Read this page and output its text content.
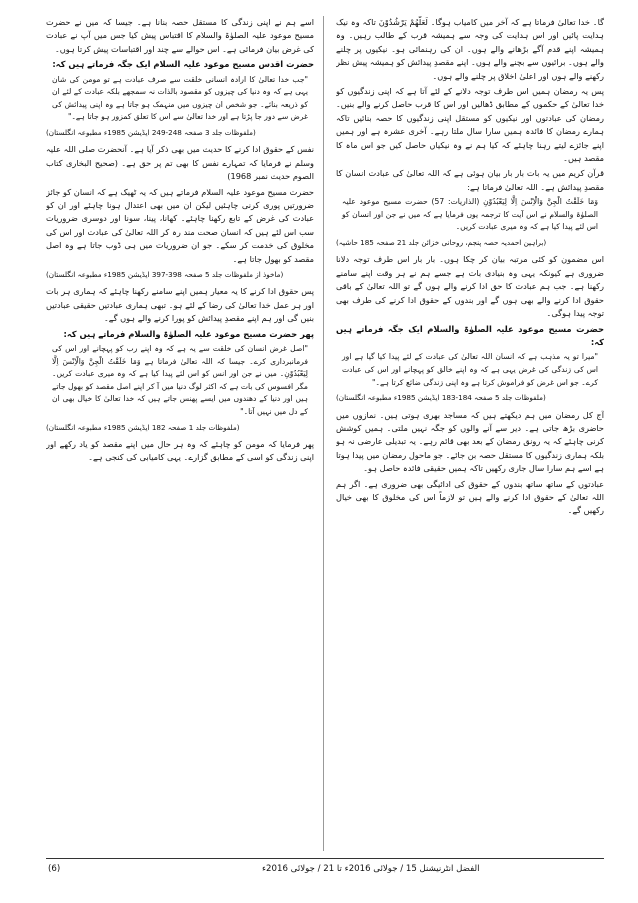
گا۔ خدا تعالیٰ فرماتا ہے کہ آخر میں کامیاب ہوگا۔ لَعَلَّھُمْ یَرْشُدُوْنَ تاکہ وہ نیک ہدایت پائیں اور اس ہدایت کی وجہ سے ہمیشہ قرب کے طالب رہیں۔ وہ ہمیشہ اپنے قدم آگے بڑھانے والے ہوں۔ ان کی رہنمائی ہو۔ نیکیوں پر چلنے والے ہوں۔ برائیوں سے بچنے والے ہوں۔ اپنے مقصدِ پیدائش کو ہمیشہ پیش نظر رکھنے والے ہوں اور اعلیٰ اخلاق پر چلنے والے ہوں۔

پس یہ رمضان ہمیں اس طرف توجہ دلانے کے لئے آتا ہے کہ اپنی زندگیوں کو خدا تعالیٰ کے حکموں کے مطابق ڈھالیں اور اس کا قرب حاصل کرنے والے بنیں۔ رمضان کی عبادتوں اور نیکیوں کو مستقل اپنی زندگیوں کا حصہ بنائیں تاکہ ہمارے رمضان کا فائدہ ہمیں سارا سال ملتا رہے۔ آخری عشرہ ہے اور ہمیں اپنے جائزے لیتے رہنا چاہئے کہ کیا ہم نے وہ نیکیاں حاصل کیں جو اس ماہ کا مقصد ہیں۔

قرآن کریم میں یہ بات بار بار بیان ہوئی ہے کہ اللہ تعالیٰ کی عبادت انسان کا مقصدِ پیدائش ہے۔ اللہ تعالیٰ فرماتا ہے:

وَمَا خَلَقْتُ الْجِنَّ وَالْاِنْسَ اِلَّا لِیَعْبُدُوْنِ (الذاریات: 57) حضرت مسیح موعود علیہ الصلوٰۃ والسلام نے اس آیت کا ترجمہ یوں فرمایا ہے کہ میں نے جن اور انسان کو اس لئے پیدا کیا ہے کہ وہ میری عبادت کریں۔

(براہین احمدیہ حصہ پنجم، روحانی خزائن جلد 21 صفحہ 185 حاشیہ)

اس مضمون کو کئی مرتبہ بیان کر چکا ہوں۔ بار بار اس طرف توجہ دلانا ضروری ہے کیونکہ یہی وہ بنیادی بات ہے جسے ہم نے ہر وقت اپنے سامنے رکھنا ہے۔ جب ہم عبادت کا حق ادا کرنے والے ہوں گے تو اللہ تعالیٰ کے باقی حقوق ادا کرنے والے بھی ہوں گے اور بندوں کے حقوق ادا کرنے کی طرف بھی توجہ پیدا ہوگی۔

حضرت مسیح موعود علیہ الصلوٰۃ والسلام ایک جگہ فرماتے ہیں کہ:

"میرا تو یہ مذہب ہے کہ انسان اللہ تعالیٰ کی عبادت کے لئے پیدا کیا گیا ہے اور اس کی زندگی کی غرض یہی ہے کہ وہ اپنے خالق کو پہچانے اور اس کی عبادت کرے۔ جو اس غرض کو فراموش کرتا ہے وہ اپنی زندگی ضائع کرتا ہے۔"

(ملفوظات جلد 5 صفحہ 184-183 ایڈیشن 1985ء مطبوعہ انگلستان)

آج کل رمضان میں ہم دیکھتے ہیں کہ مساجد بھری ہوتی ہیں۔ نمازوں میں حاضری بڑھ جاتی ہے۔ دیر سے آنے والوں کو جگہ نہیں ملتی۔ ہمیں کوشش کرنی چاہئے کہ یہ رونق رمضان کے بعد بھی قائم رہے۔ یہ تبدیلی عارضی نہ ہو بلکہ ہماری زندگیوں کا مستقل حصہ بن جائے۔ جو ماحول رمضان میں پیدا ہوتا ہے اسے ہم سارا سال جاری رکھیں تاکہ ہمیں حقیقی فائدہ حاصل ہو۔

عبادتوں کے ساتھ ساتھ بندوں کے حقوق کی ادائیگی بھی ضروری ہے۔ اگر ہم اللہ تعالیٰ کے حقوق ادا کرنے والے ہیں تو لازماً اس کی مخلوق کا بھی خیال رکھیں گے۔

اسے ہم نے اپنی زندگی کا مستقل حصہ بنانا ہے۔ جیسا کہ میں نے حضرت مسیح موعود علیہ الصلوٰۃ والسلام کا اقتباس پیش کیا جس میں آپ نے عبادت کی غرض بیان فرمائی ہے۔ اس حوالے سے چند اور اقتباسات پیش کرتا ہوں۔

حضرت اقدس مسیح موعود علیہ السلام ایک جگہ فرماتے ہیں کہ:

"جب خدا تعالیٰ کا ارادہ انسانی خلقت سے صرف عبادت ہے تو مومن کی شان یہی ہے کہ وہ دنیا کی چیزوں کو مقصود بالذات نہ سمجھے بلکہ عبادت کے لئے ان کو ذریعہ بنائے۔ جو شخص ان چیزوں میں منہمک ہو جاتا ہے وہ اپنی پیدائش کی غرض سے دور جا پڑتا ہے اور خدا تعالیٰ سے اس کا تعلق کمزور ہو جاتا ہے۔"

(ملفوظات جلد 3 صفحہ 248-249 ایڈیشن 1985ء مطبوعہ انگلستان)

نفس کے حقوق ادا کرنے کا حدیث میں بھی ذکر آیا ہے۔ آنحضرت صلی اللہ علیہ وسلم نے فرمایا کہ تمہارے نفس کا بھی تم پر حق ہے۔ (صحیح البخاری کتاب الصوم حدیث نمبر 1968)

حضرت مسیح موعود علیہ السلام فرماتے ہیں کہ یہ ٹھیک ہے کہ انسان کو جائز ضرورتیں پوری کرنی چاہئیں لیکن ان میں بھی اعتدال ہونا چاہئے اور ان کو عبادت کی غرض کے تابع رکھنا چاہئے۔ کھانا، پینا، سونا اور دوسری ضروریات سب اس لئے ہیں کہ انسان صحت مند رہ کر اللہ تعالیٰ کی عبادت اور اس کی مخلوق کی خدمت کر سکے۔ جو ان ضروریات میں ہی ڈوب جاتا ہے وہ اصل مقصد کو بھول جاتا ہے۔

(ماخوذ از ملفوظات جلد 5 صفحہ 398-397 ایڈیشن 1985ء مطبوعہ انگلستان)

پس حقوق ادا کرنے کا یہ معیار ہمیں اپنے سامنے رکھنا چاہئے کہ ہماری ہر بات اور ہر عمل خدا تعالیٰ کی رضا کے لئے ہو۔ تبھی ہماری عبادتیں حقیقی عبادتیں بنیں گی اور ہم اپنے مقصدِ پیدائش کو پورا کرنے والے ہوں گے۔

پھر حضرت مسیح موعود علیہ الصلوٰۃ والسلام فرماتے ہیں کہ:

"اصل غرض انسان کی خلقت سے یہ ہے کہ وہ اپنے رب کو پہچانے اور اس کی فرمانبرداری کرے۔ جیسا کہ اللہ تعالیٰ فرماتا ہے وَمَا خَلَقْتُ الْجِنَّ وَالْاِنْسَ اِلَّا لِیَعْبُدُوْنِ۔ میں نے جن اور انس کو اس لئے پیدا کیا ہے کہ وہ میری عبادت کریں۔ مگر افسوس کی بات ہے کہ اکثر لوگ دنیا میں آ کر اپنے اصل مقصد کو بھول جاتے ہیں اور دنیا کے دھندوں میں ایسے پھنس جاتے ہیں کہ خدا تعالیٰ کا خیال بھی ان کے دل میں نہیں آتا۔"

(ملفوظات جلد 1 صفحہ 182 ایڈیشن 1985ء مطبوعہ انگلستان)

پھر فرمایا کہ مومن کو چاہئے کہ وہ ہر حال میں اپنے مقصد کو یاد رکھے اور اپنی زندگی کو اسی کے مطابق گزارے۔ یہی کامیابی کی کنجی ہے۔

(6)	الفضل انٹرنیشنل 15 / جولائی 2016ء تا 21 / جولائی 2016ء
